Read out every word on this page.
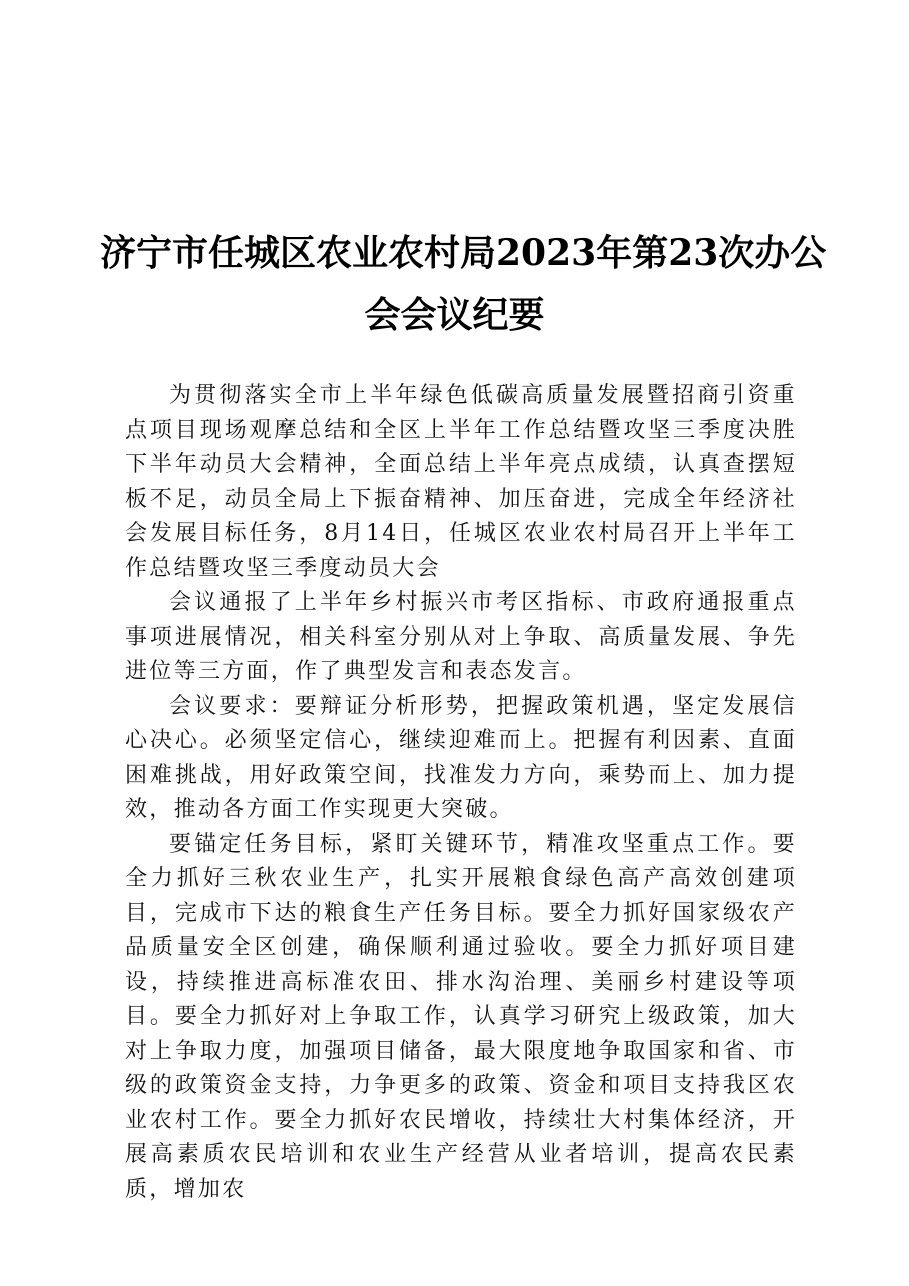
济宁市任城区农业农村局2023年第23次办公
会会议纪要

为贯彻落实全市上半年绿色低碳高质量发展暨招商引资重点项目现场观摩总结和全区上半年工作总结暨攻坚三季度决胜下半年动员大会精神，全面总结上半年亮点成绩，认真查摆短板不足，动员全局上下振奋精神、加压奋进，完成全年经济社会发展目标任务，8月14日，任城区农业农村局召开上半年工作总结暨攻坚三季度动员大会

会议通报了上半年乡村振兴市考区指标、市政府通报重点事项进展情况，相关科室分别从对上争取、高质量发展、争先进位等三方面，作了典型发言和表态发言。

会议要求：要辩证分析形势，把握政策机遇，坚定发展信心决心。必须坚定信心，继续迎难而上。把握有利因素、直面困难挑战，用好政策空间，找准发力方向，乘势而上、加力提效，推动各方面工作实现更大突破。

要锚定任务目标，紧盯关键环节，精准攻坚重点工作。要全力抓好三秋农业生产，扎实开展粮食绿色高产高效创建项目，完成市下达的粮食生产任务目标。要全力抓好国家级农产品质量安全区创建，确保顺利通过验收。要全力抓好项目建设，持续推进高标准农田、排水沟治理、美丽乡村建设等项目。要全力抓好对上争取工作，认真学习研究上级政策，加大对上争取力度，加强项目储备，最大限度地争取国家和省、市级的政策资金支持，力争更多的政策、资金和项目支持我区农业农村工作。要全力抓好农民增收，持续壮大村集体经济，开展高素质农民培训和农业生产经营从业者培训，提高农民素质，增加农
